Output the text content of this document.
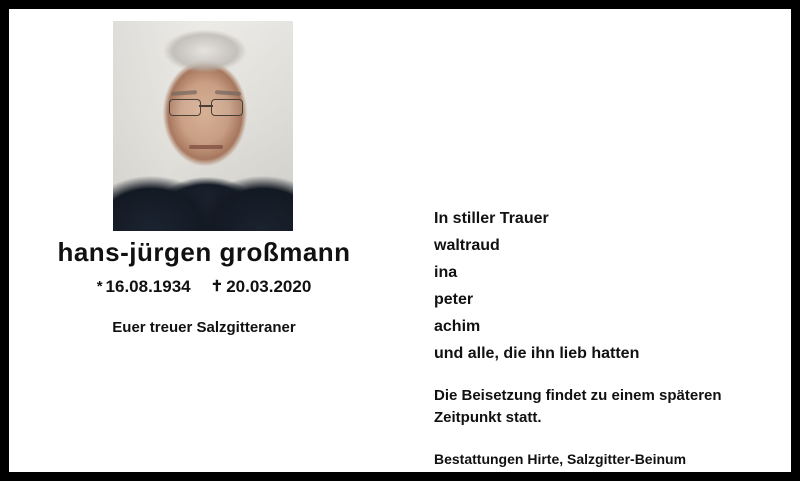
hans-jürgen großmann
* 16.08.1934 ✝ 20.03.2020
Euer treuer Salzgitteraner
In stiller Trauer
waltraud
ina
peter
achim
und alle, die ihn lieb hatten
Die Beisetzung findet zu einem späteren
Zeitpunkt statt.
Bestattungen Hirte, Salzgitter-Beinum
